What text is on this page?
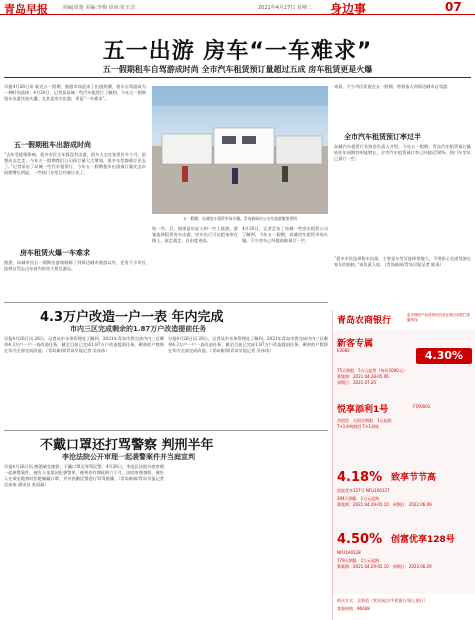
青岛早报	美编|周楚 美编:李梅 审读:张玉洁	2021年4月27日 星期二 身边事	07
五一出游 房车“一车难求”
五一假期租车自驾游成时尚 全市汽车租赁预订量超过五成 房车租赁更是火爆
早报4月26日讯 临近五一假期，旅游市场迎来了出游热潮，租车自驾游成为一种时尚选择。4月26日，记者从岛城一些汽车租赁行了解到，今年五一假期租车出游比较火爆，尤其是房车出游，更是“一车难求”。
五一假期租车出游成时尚
“去年受疫情影响，很多市民全年都没有出游，很多人宅在家里好多个月，很想出去走走，今年五一假期我们公司预订量大大增加，很多车型都被订出去了。”记者采访了岛城一些汽车租赁行，今年五一假期租车出游预订量比去年同期增长明显，一些热门车型已经被订光了。
房车租赁火爆一车难求
据悉，岛城市民五一假期出游线路除了到周边城市旅游以外，还有不少市民选择自驾去山东省内的各大景区游玩。
五一假期，岛城房车租赁市场火爆。青岛新闻社公交车旅游服务供图
致一些。后，如果是年轻人和一些上班族，游客选择租赁房车出游，房车出行可以把家带在路上，说走就走，自由度更高。
4月26日，记者走访了岛城一些房车租赁公司了解到，今年五一假期，岛城房车租赁市场火爆，不少房车已经提前被预订一空。
来看，不少市民希望在五一假期，带着家人到周边城市自驾游。
全市汽车租赁预订率过半
岛城汽车租赁行业协会负责人介绍，今年五一假期，青岛汽车租赁预订量较往年同期有明显增长，全市汽车租赁预订率已经超过50%，热门车型早已预订一空。
“很多市民选择租车出游，主要是车型可选择余地大，不用担心长途驾驶自家车的损耗。”该负责人说。（青岛新闻/青岛早报记者 陈清）
4.3万户改造一户一表 年内完成
市内三区完成剩余的1.87万户改造提前任务
早报4月26日讯 26日，记者从市水务管理处了解到，2021年青岛市将完成市内三区剩余4.3万户一户一表改造任务，截至目前已完成1.87万户改造提前任务。剩余的户数将在年内全部完成改造。（青岛新闻/青岛早报记者 吴冰冰）
不戴口罩还打骂警察 判刑半年
李沧法院公开审理一起袭警案件并当庭宣判
早报4月26日讯 醉酒乘坐地铁，不戴口罩还辱骂民警。4月26日，李沧区法院开庭审理一起袭警案件，被告人张某因犯袭警罪，被判处有期徒刑六个月。法院审理查明，被告人在乘坐地铁时拒绝佩戴口罩，并对执勤民警进行辱骂推搡。（青岛新闻/青岛早报记者 吴冰冰 通讯员 张清磊）
早报4月26日讯 26日，记者从市水务管理处了解到，2021年青岛市将完成市内三区剩余4.3万户一户一表改造任务，截至目前已完成1.87万户改造提前任务。剩余的户数将在年内全部完成改造。（青岛新闻/青岛早报记者 吴冰冰）
青岛农商银行
更多理财产品请咨询各营业网点或拨打客服热线
新客专属
E3082	4.30%
75天期限　5万元起售（每份1000元）
募集期：2021.04.28-05.06
到期日：2021.07.20
悦享添利1号	FTA0001
净值型　无固定期限　1元起购
T+1申购赎回 T+1到账
4.18% 致享节节高
创富优享127号 NFU1A0127
394天期限　1万元起购
募集期：2021.04.29-05.10　到期日：2022.06.09
4.50% 创富优享128号
NFU1A0128
779天期限　1万元起购　
募集期：2021.04.29-05.10　到期日：2023.06.29
购买方式：全渠道（营业网点/手机银行/网上银行）
客服热线：96668
